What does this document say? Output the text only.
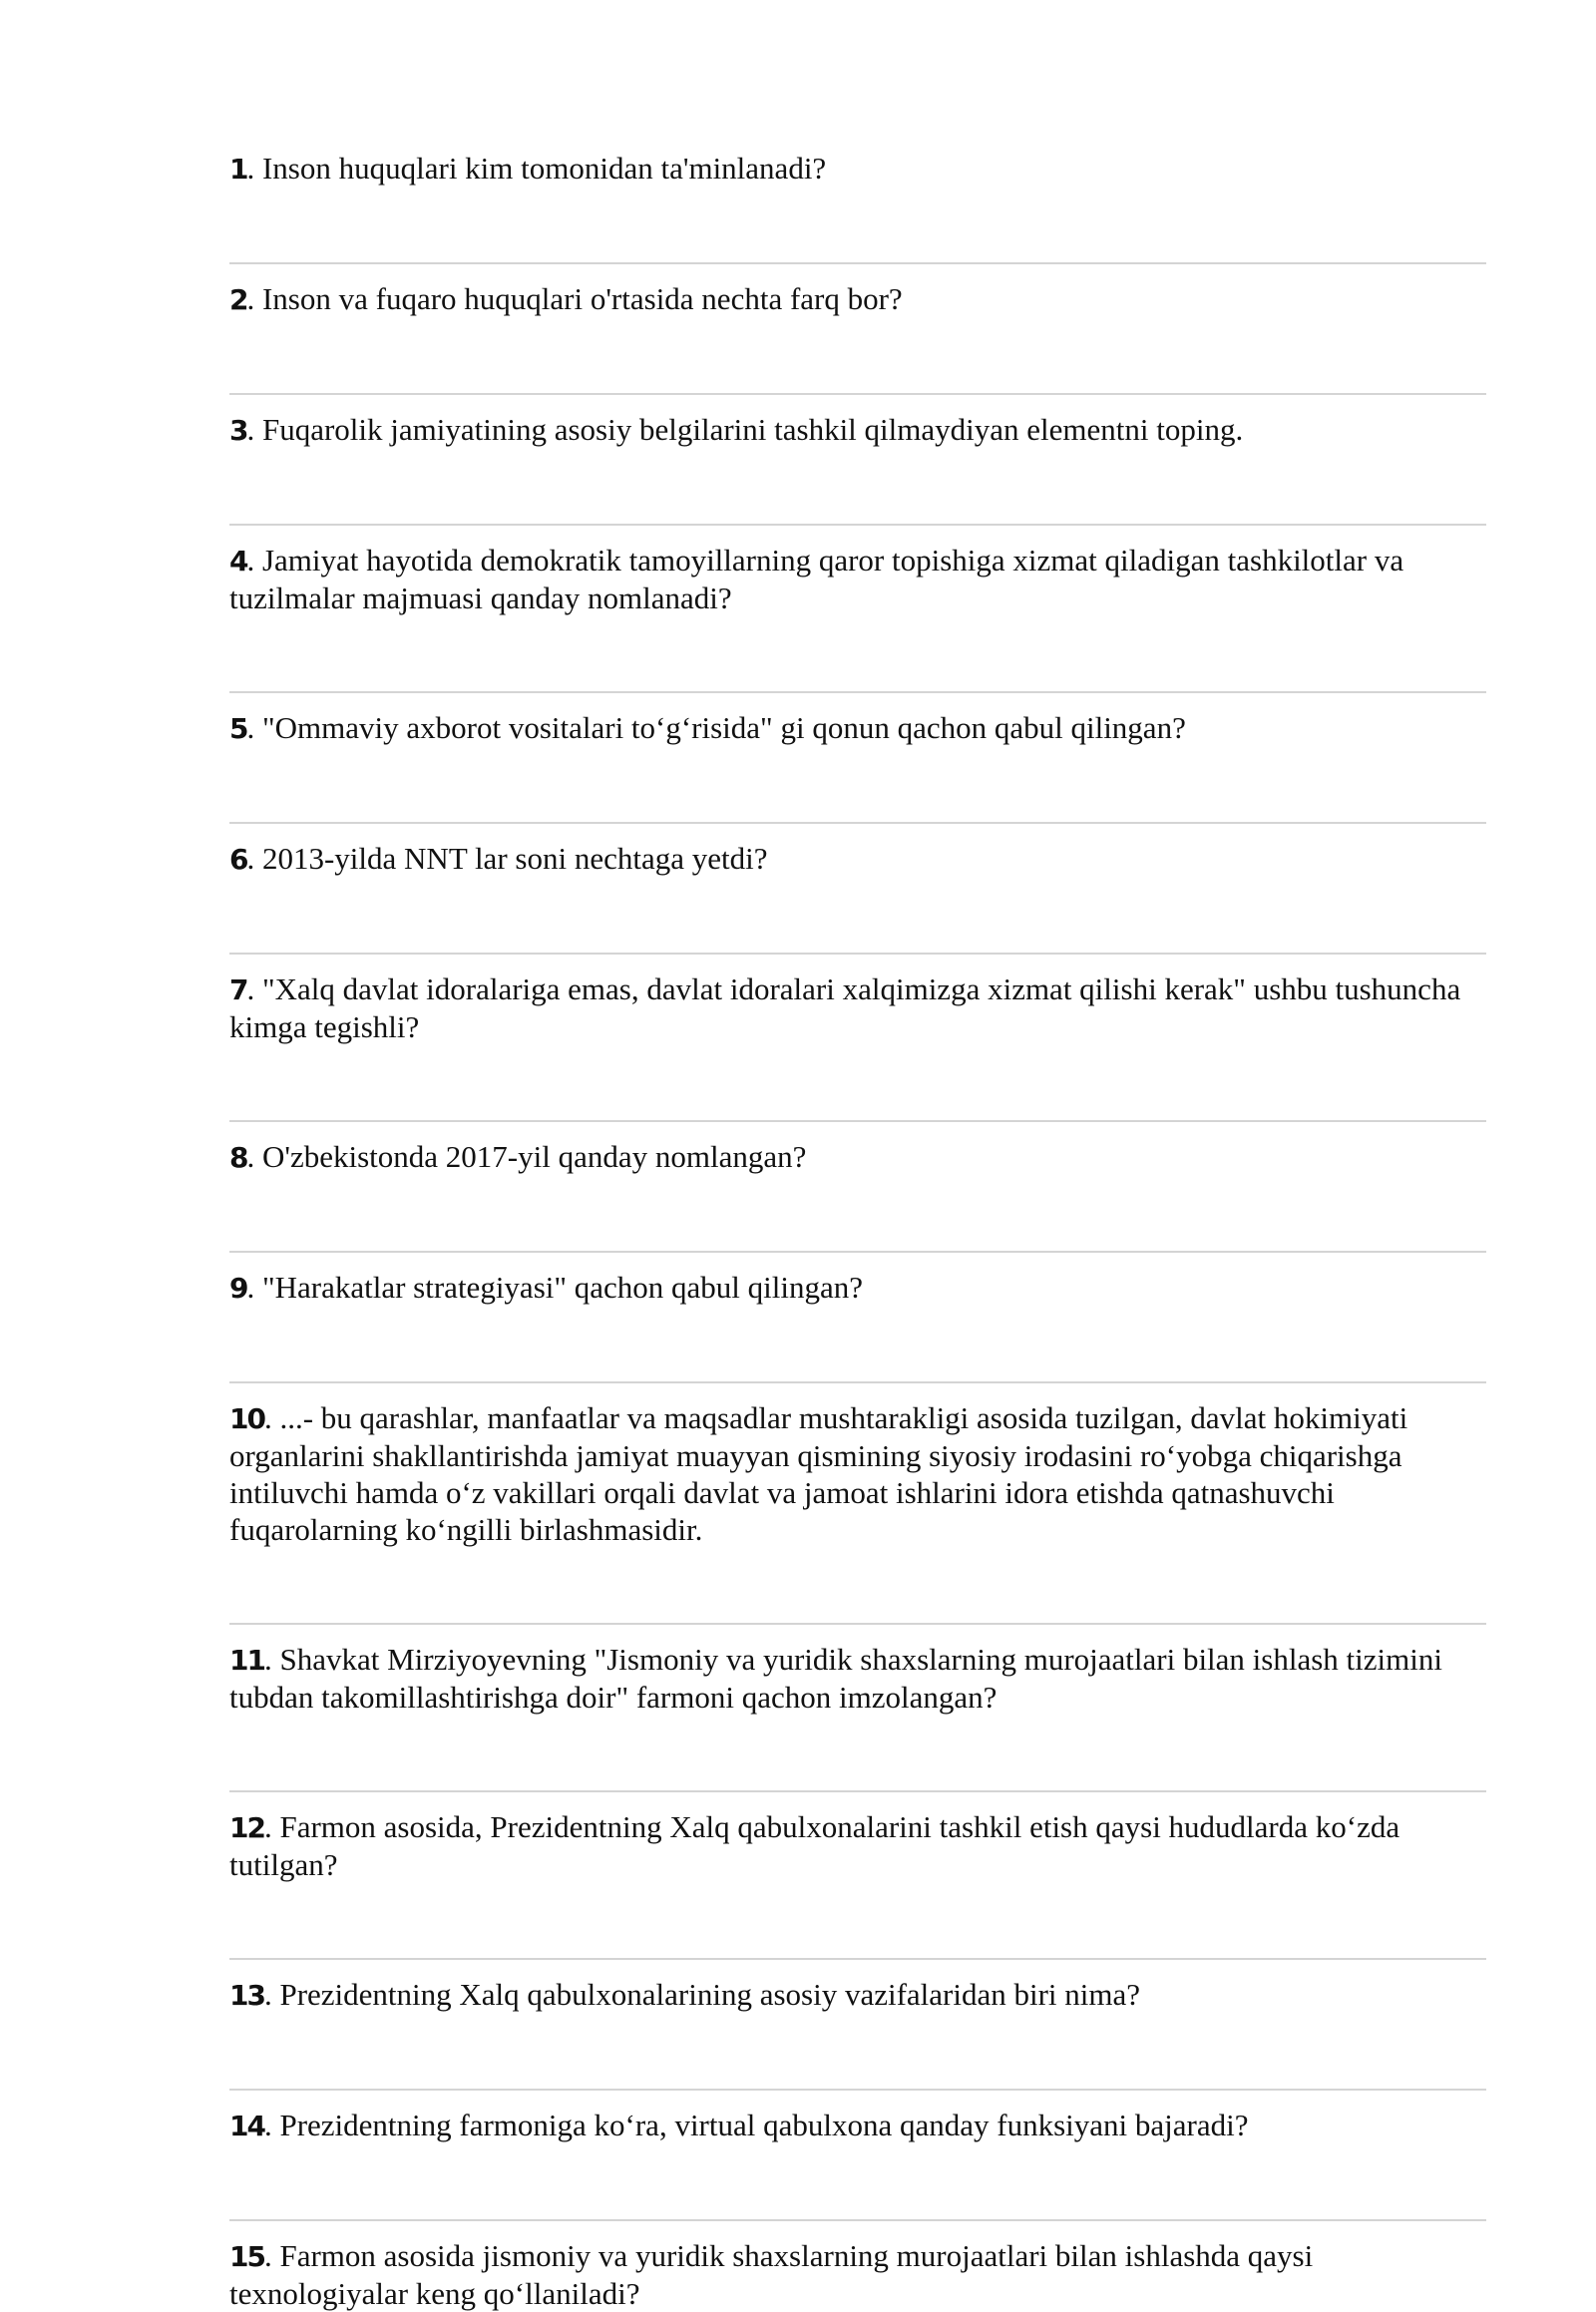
1. Inson huquqlari kim tomonidan ta'minlanadi?
2. Inson va fuqaro huquqlari o'rtasida nechta farq bor?
3. Fuqarolik jamiyatining asosiy belgilarini tashkil qilmaydiyan elementni toping.
4. Jamiyat hayotida demokratik tamoyillarning qaror topishiga xizmat qiladigan tashkilotlar va tuzilmalar majmuasi qanday nomlanadi?
5. "Ommaviy axborot vositalari to‘g‘risida" gi qonun qachon qabul qilingan?
6. 2013-yilda NNT lar soni nechtaga yetdi?
7. "Xalq davlat idoralariga emas, davlat idoralari xalqimizga xizmat qilishi kerak" ushbu tushuncha kimga tegishli?
8. O'zbekistonda 2017-yil qanday nomlangan?
9. "Harakatlar strategiyasi" qachon qabul qilingan?
10. ...- bu qarashlar, manfaatlar va maqsadlar mushtarakligi asosida tuzilgan, davlat hokimiyati organlarini shakllantirishda jamiyat muayyan qismining siyosiy irodasini ro‘yobga chiqarishga intiluvchi hamda o‘z vakillari orqali davlat va jamoat ishlarini idora etishda qatnashuvchi fuqarolarning ko‘ngilli birlashmasidir.
11. Shavkat Mirziyoyevning "Jismoniy va yuridik shaxslarning murojaatlari bilan ishlash tizimini tubdan takomillashtirishga doir" farmoni qachon imzolangan?
12. Farmon asosida, Prezidentning Xalq qabulxonalarini tashkil etish qaysi hududlarda ko‘zda tutilgan?
13. Prezidentning Xalq qabulxonalarining asosiy vazifalaridan biri nima?
14. Prezidentning farmoniga ko‘ra, virtual qabulxona qanday funksiyani bajaradi?
15. Farmon asosida jismoniy va yuridik shaxslarning murojaatlari bilan ishlashda qaysi texnologiyalar keng qo‘llaniladi?
